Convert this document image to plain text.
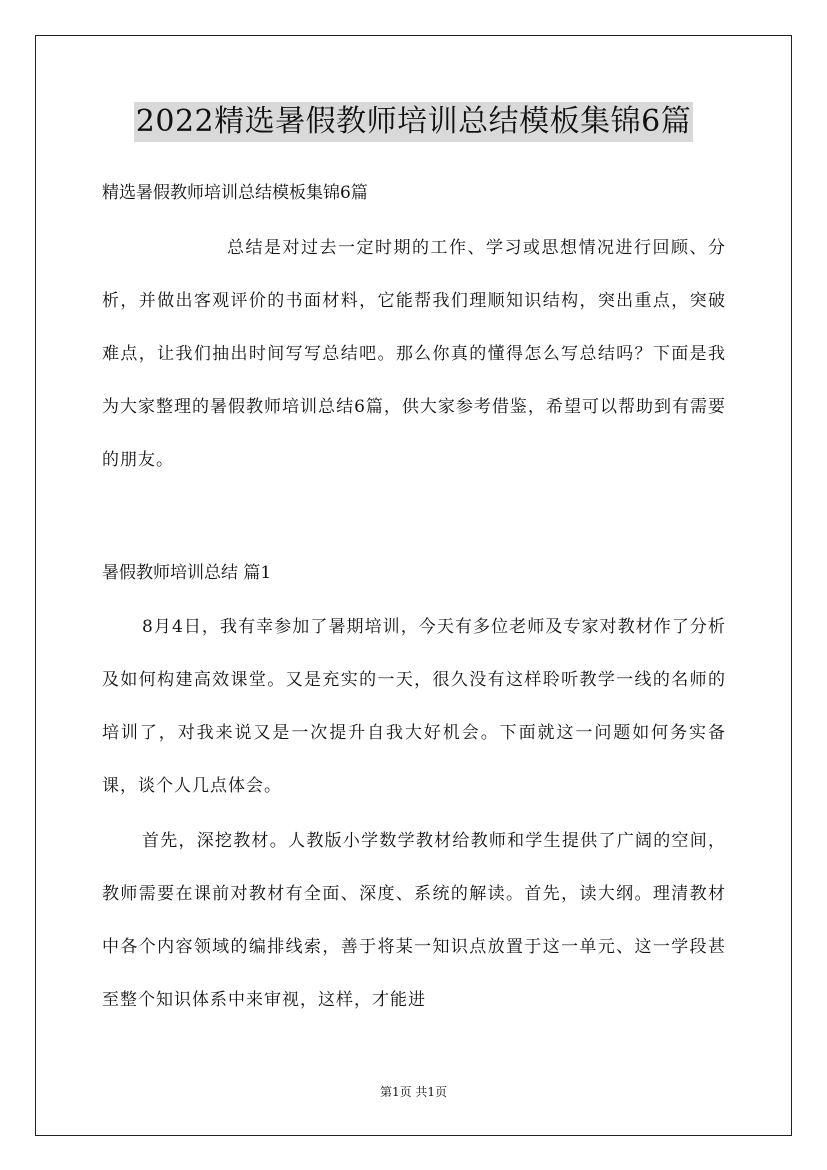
2022精选暑假教师培训总结模板集锦6篇
精选暑假教师培训总结模板集锦6篇

总结是对过去一定时期的工作、学习或思想情况进行回顾、分析，并做出客观评价的书面材料，它能帮我们理顺知识结构，突出重点，突破难点，让我们抽出时间写写总结吧。那么你真的懂得怎么写总结吗？下面是我为大家整理的暑假教师培训总结6篇，供大家参考借鉴，希望可以帮助到有需要的朋友。

暑假教师培训总结 篇1

8月4日，我有幸参加了暑期培训，今天有多位老师及专家对教材作了分析及如何构建高效课堂。又是充实的一天，很久没有这样聆听教学一线的名师的培训了，对我来说又是一次提升自我大好机会。下面就这一问题如何务实备课，谈个人几点体会。

首先，深挖教材。人教版小学数学教材给教师和学生提供了广阔的空间，教师需要在课前对教材有全面、深度、系统的解读。首先，读大纲。理清教材中各个内容领域的编排线索，善于将某一知识点放置于这一单元、这一学段甚至整个知识体系中来审视，这样，才能进

第1页 共1页
